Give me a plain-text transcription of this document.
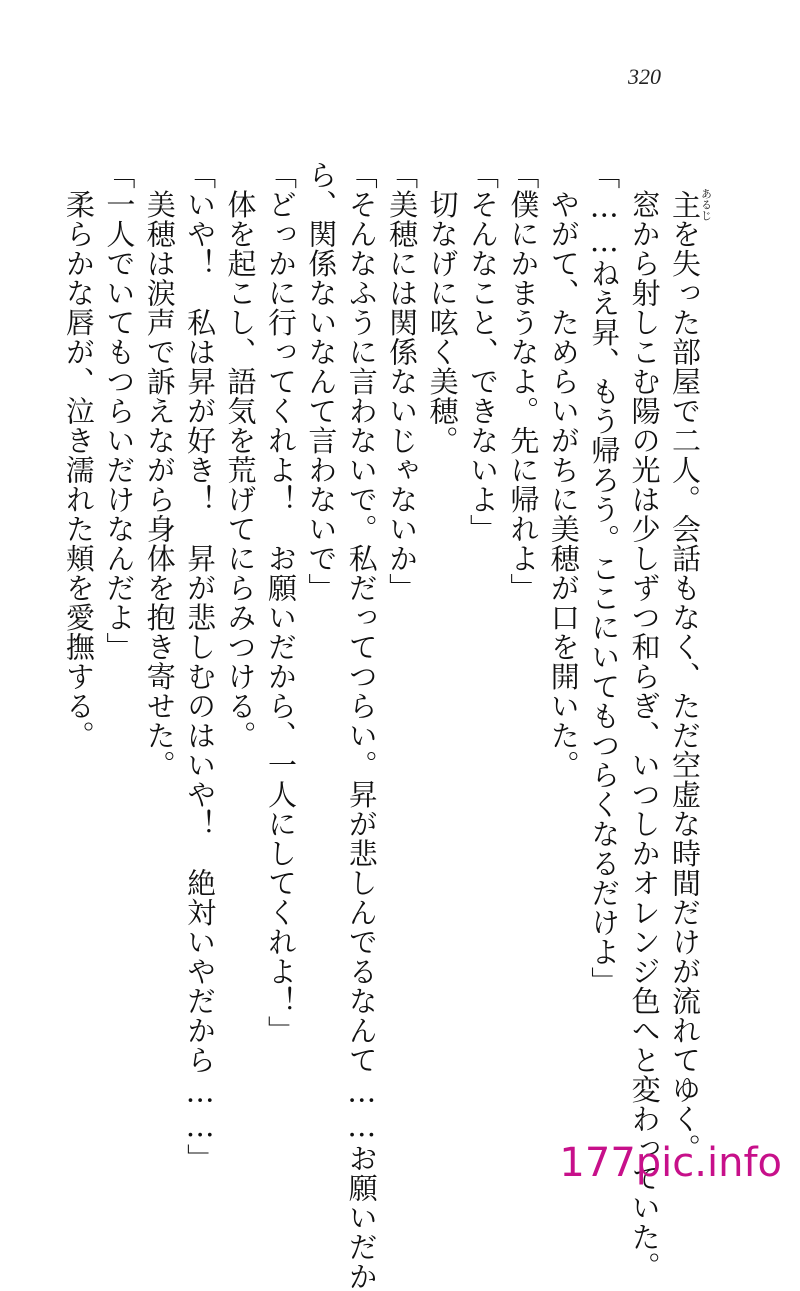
320
主あるじを失った部屋で二人。会話もなく、ただ空虚な時間だけが流れてゆく。
窓から射しこむ陽の光は少しずつ和らぎ、いつしかオレンジ色へと変わっていた。
「……ねえ昇、もう帰ろう。ここにいてもつらくなるだけよ」
やがて、ためらいがちに美穂が口を開いた。
「僕にかまうなよ。先に帰れよ」
「そんなこと、できないよ」
切なげに呟く美穂。
「美穂には関係ないじゃないか」
「そんなふうに言わないで。私だってつらい。昇が悲しんでるなんて……お願いだか
ら、関係ないなんて言わないで」
「どっかに行ってくれよ！　お願いだから、一人にしてくれよ！」
体を起こし、語気を荒げてにらみつける。
「いや！　私は昇が好き！　昇が悲しむのはいや！　絶対いやだから……」
美穂は涙声で訴えながら身体を抱き寄せた。
「一人でいてもつらいだけなんだよ」
柔らかな唇が、泣き濡れた頬を愛撫する。
177pic.info
